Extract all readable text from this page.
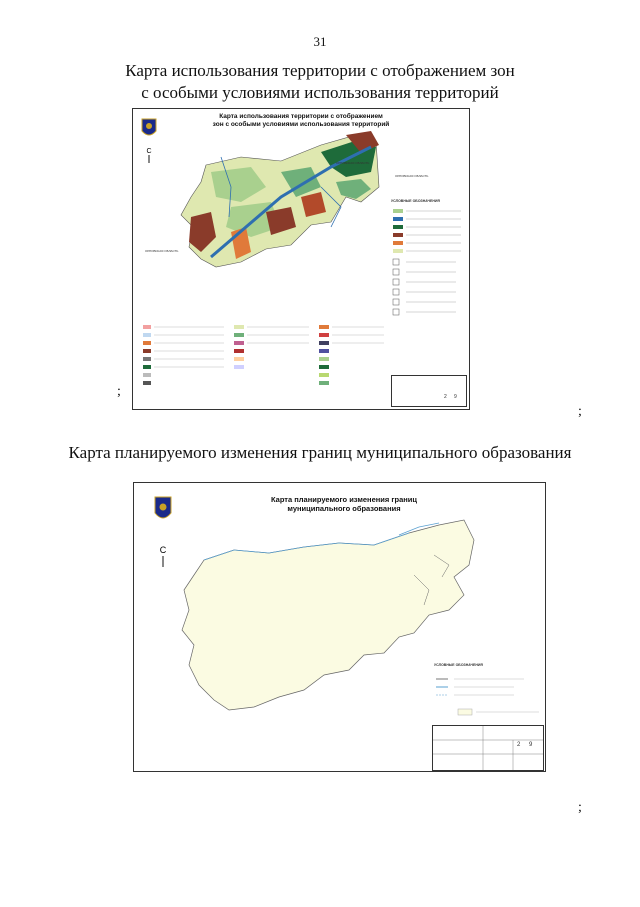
31
Карта использования территории с отображением зон
с особыми условиями использования территорий
Карта использования территории с отображением
зон с особыми условиями использования территорий
С
ОРЛОВСКАЯ ОБЛАСТЬ
ОРЛОВСКАЯ ОБЛАСТЬ
ОРЛОВСКАЯ ОБЛАСТЬ
УСЛОВНЫЕ ОБОЗНАЧЕНИЯ
2 9
;
;
Карта планируемого изменения границ муниципального образования
Карта планируемого изменения границ
муниципального образования
С
УСЛОВНЫЕ ОБОЗНАЧЕНИЯ
2 9
;
